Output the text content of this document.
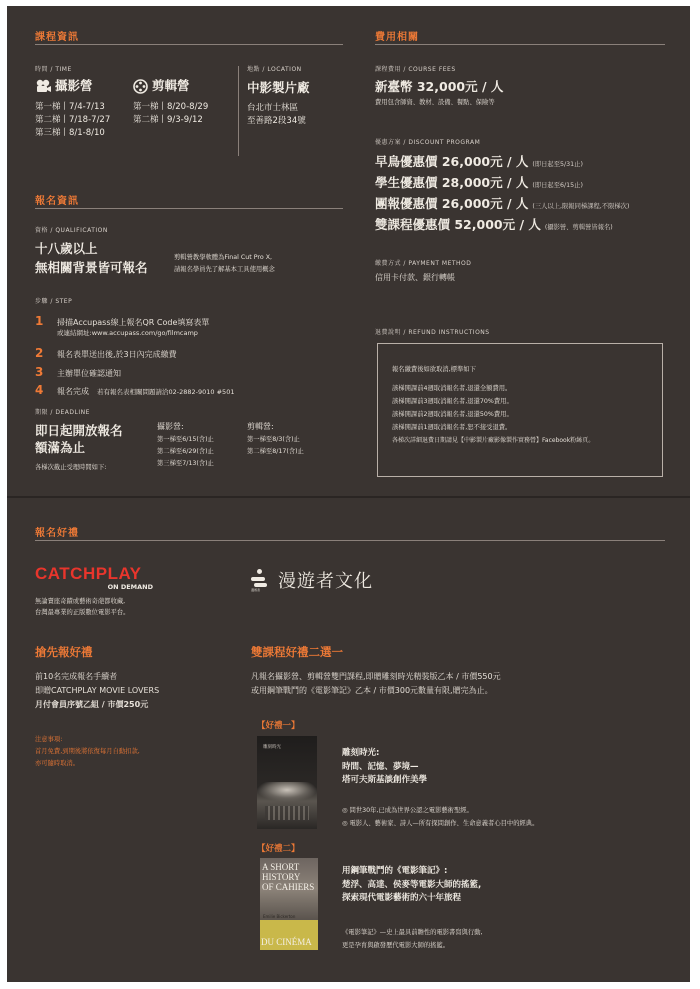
課程資訊
時間 / TIME
攝影營
第一梯丨7/4-7/13
第二梯丨7/18-7/27
第三梯丨8/1-8/10
剪輯營
第一梯丨8/20-8/29
第二梯丨9/3-9/12
地點 / LOCATION
中影製片廠
台北市士林區
至善路2段34號
報名資訊
資格 / QUALIFICATION
十八歲以上
無相關背景皆可報名
剪輯營教學軟體為Final Cut Pro X,
請報名學員先了解基本工具使用概念
步驟 / STEP
1 掃描Accupass線上報名QR Code填寫表單
或連結網址:www.accupass.com/go/filmcamp
2 報名表單送出後,於3日內完成繳費
3 主辦單位確認通知
4 報名完成 若有報名表相關問題請洽02-2882-9010 #501
期限 / DEADLINE
即日起開放報名
額滿為止
各梯次截止受理時間如下:
攝影營:
第一梯至6/15(含)止
第二梯至6/29(含)止
第三梯至7/13(含)止
剪輯營:
第一梯至8/3(含)止
第二梯至8/17(含)止
費用相關
課程費用 / COURSE FEES
新臺幣 32,000元 / 人
費用包含師資、教材、設備、餐點、保險等
優惠方案 / DISCOUNT PROGRAM
早鳥優惠價 26,000元 / 人 (即日起至5/31止)
學生優惠價 28,000元 / 人 (即日起至6/15止)
團報優惠價 26,000元 / 人 (三人以上,限報同梯課程,不限梯次)
雙課程優惠價 52,000元 / 人 (攝影營、剪輯營皆報名)
繳費方式 / PAYMENT METHOD
信用卡付款、銀行轉帳
退費說明 / REFUND INSTRUCTIONS
報名繳費後如欲取消,標準如下
該梯開課前4週取消報名者,退還全額費用。
該梯開課前3週取消報名者,退還70%費用。
該梯開課前2週取消報名者,退還50%費用。
該梯開課前1週取消報名者,恕不接受退費。
各梯次詳細退費日期請見【中影製片廠影像製作實務營】Facebook粉絲頁。
報名好禮
CATCHPLAY
ON DEMAND
無論賣座奇蹟或藝術奇葩都收藏,
台灣最專業的正版數位電影平台。
漫遊者 漫遊者文化
搶先報好禮
前10名完成報名手續者
即贈CATCHPLAY MOVIE LOVERS
月付會員序號乙組 / 市價250元
注意事項:
首月免費,到期後將依復每月自動扣款,
亦可隨時取消。
雙課程好禮二選一
凡報名攝影營、剪輯營雙門課程,即贈雕刻時光精裝版乙本 / 市價550元
或用鋼筆戰鬥的《電影筆記》乙本 / 市價300元數量有限,贈完為止。
【好禮一】
雕刻時光
雕刻時光:
時間、記憶、夢境—
塔可夫斯基談創作美學
◎ 問世30年,已成為世界公認之電影藝術聖經。
◎ 電影人、藝術家、詩人—所有探問創作、生命意義者心目中的經典。
【好禮二】
A SHORT
HISTORY
OF CAHIERS
Emilie Bickerton
DU CINÉMA
用鋼筆戰鬥的《電影筆記》:
楚浮、高達、侯麥等電影大師的搖籃,
探索現代電影藝術的六十年旅程
《電影筆記》—史上最具前瞻性的電影書寫與行動,
更是孕育與啟發歷代電影大師的搖籃。
